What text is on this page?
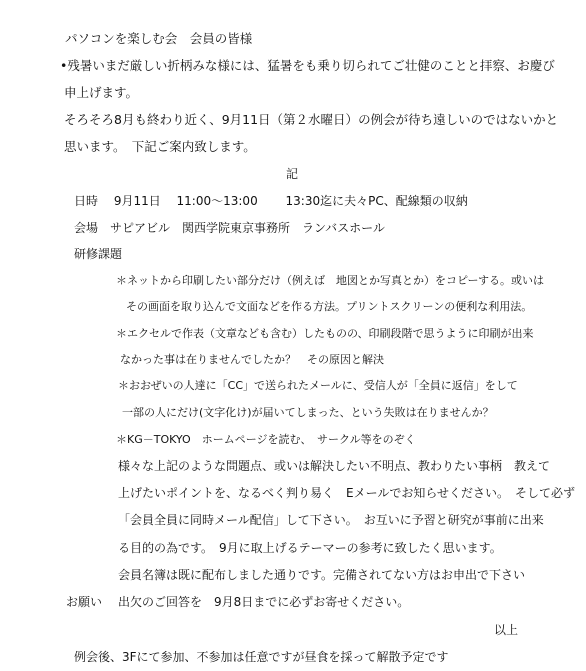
パソコンを楽しむ会　会員の皆様
•残暑いまだ厳しい折柄みな様には、猛暑をも乗り切られてご壮健のことと拝察、お慶び
申上げます。
そろそろ8月も終わり近く、9月11日（第２水曜日）の例会が待ち遠しいのではないかと
思います。　下記ご案内致します。
記
日時　 9月11日　 11:00～13:00　 　13:30迄に夫々PC、配線類の収納
会場　サピアビル　関西学院東京事務所　ランバスホール
研修課題
＊ネットから印刷したい部分だけ（例えば　地図とか写真とか）をコピーする。或いは
その画面を取り込んで文面などを作る方法。プリントスクリーンの便利な利用法。
＊エクセルで作表（文章なども含む）したものの、印刷段階で思うように印刷が出来
なかった事は在りませんでしたか？　その原因と解決
＊おおぜいの人達に「CC」で送られたメールに、受信人が「全員に返信」をして
一部の人にだけ(文字化け)が届いてしまった、という失敗は在りませんか？
＊KG－TOKYO　ホームページを読む、　サークル等をのぞく
様々な上記のような問題点、或いは解決したい不明点、教わりたい事柄　教えて
上げたいポイントを、なるべく判り易く　Eメールでお知らせください。　そして必ず
「会員全員に同時メール配信」して下さい。　お互いに予習と研究が事前に出来
る目的の為です。　9月に取上げるテーマーの参考に致したく思います。
会員名簿は既に配布しました通りです。完備されてない方はお申出で下さい
お願い 出欠のご回答を　9月8日までに必ずお寄せください。
以上
例会後、3Fにて参加、不参加は任意ですが昼食を採って解散予定です
